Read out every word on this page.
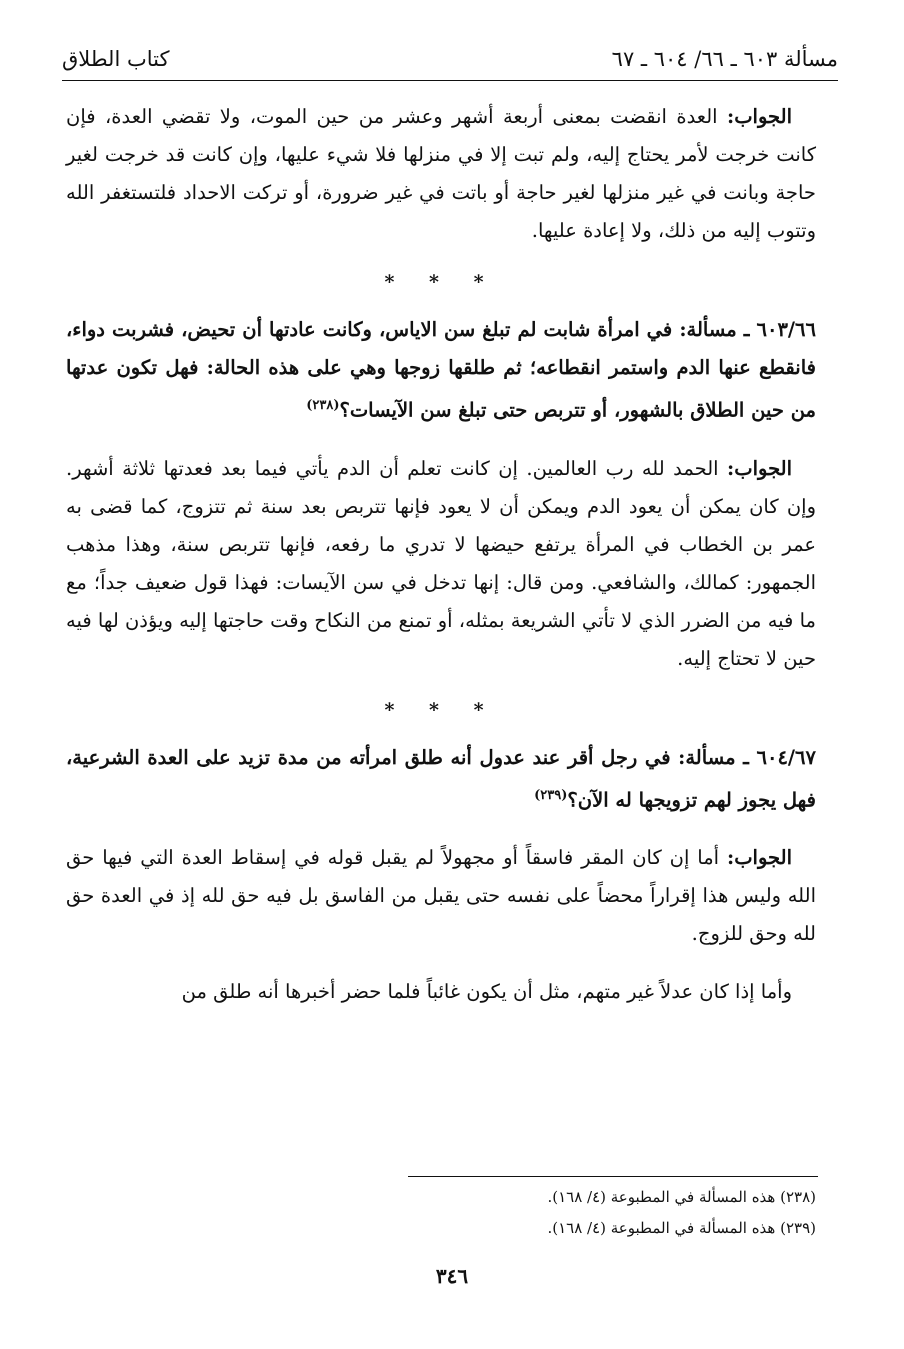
مسألة ٦٠٣ ـ ٦٦/ ٦٠٤ ـ ٦٧
كتاب الطلاق

الجواب: العدة انقضت بمعنى أربعة أشهر وعشر من حين الموت، ولا تقضي العدة، فإن كانت خرجت لأمر يحتاج إليه، ولم تبت إلا في منزلها فلا شيء عليها، وإن كانت قد خرجت لغير حاجة وبانت في غير منزلها لغير حاجة أو باتت في غير ضرورة، أو تركت الاحداد فلتستغفر الله وتتوب إليه من ذلك، ولا إعادة عليها.

* * *

٦٠٣/٦٦ ـ مسألة: في امرأة شابت لم تبلغ سن الاياس، وكانت عادتها أن تحيض، فشربت دواء، فانقطع عنها الدم واستمر انقطاعه؛ ثم طلقها زوجها وهي على هذه الحالة: فهل تكون عدتها من حين الطلاق بالشهور، أو تتربص حتى تبلغ سن الآيسات؟$^{(٢٣٨)}$

الجواب: الحمد لله رب العالمين. إن كانت تعلم أن الدم يأتي فيما بعد فعدتها ثلاثة أشهر. وإن كان يمكن أن يعود الدم ويمكن أن لا يعود فإنها تتربص بعد سنة ثم تتزوج، كما قضى به عمر بن الخطاب في المرأة يرتفع حيضها لا تدري ما رفعه، فإنها تتربص سنة، وهذا مذهب الجمهور: كمالك، والشافعي. ومن قال: إنها تدخل في سن الآيسات: فهذا قول ضعيف جداً؛ مع ما فيه من الضرر الذي لا تأتي الشريعة بمثله، أو تمنع من النكاح وقت حاجتها إليه ويؤذن لها فيه حين لا تحتاج إليه.

* * *

٦٠٤/٦٧ ـ مسألة: في رجل أقر عند عدول أنه طلق امرأته من مدة تزيد على العدة الشرعية، فهل يجوز لهم تزويجها له الآن؟$^{(٢٣٩)}$

الجواب: أما إن كان المقر فاسقاً أو مجهولاً لم يقبل قوله في إسقاط العدة التي فيها حق الله وليس هذا إقراراً محضاً على نفسه حتى يقبل من الفاسق بل فيه حق لله إذ في العدة حق لله وحق للزوج.

وأما إذا كان عدلاً غير متهم، مثل أن يكون غائباً فلما حضر أخبرها أنه طلق من

(٢٣٨) هذه المسألة في المطبوعة (٤/ ١٦٨).
(٢٣٩) هذه المسألة في المطبوعة (٤/ ١٦٨).
٣٤٦
